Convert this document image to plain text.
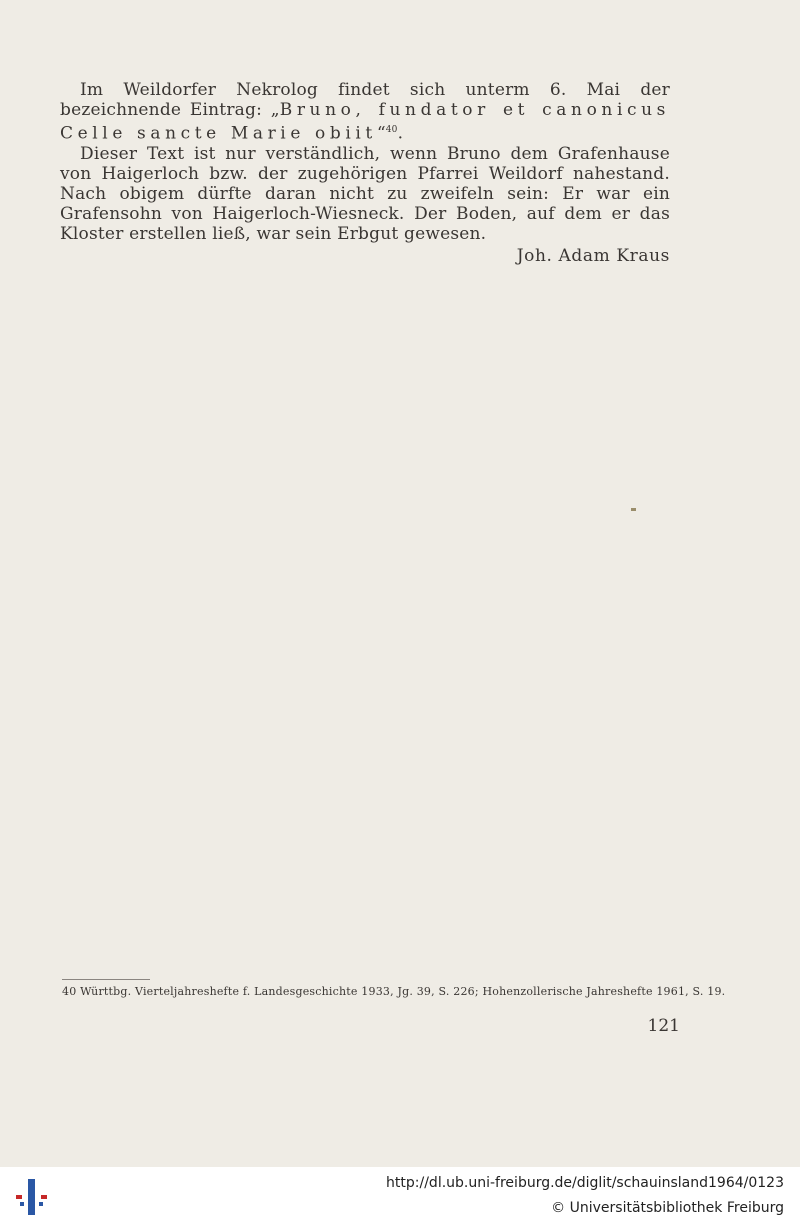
Im Weildorfer Nekrolog findet sich unterm 6. Mai der bezeichnende Eintrag: „Bruno, fundator et canonicus Celle sancte Marie obiit“$^{40}$.

Dieser Text ist nur verständlich, wenn Bruno dem Grafenhause von Haigerloch bzw. der zugehörigen Pfarrei Weildorf nahestand. Nach obigem dürfte daran nicht zu zweifeln sein: Er war ein Grafensohn von Haigerloch-Wiesneck. Der Boden, auf dem er das Kloster erstellen ließ, war sein Erbgut gewesen.

Joh. Adam Kraus
40 Württbg. Vierteljahreshefte f. Landesgeschichte 1933, Jg. 39, S. 226; Hohenzollerische Jahreshefte 1961, S. 19.
121
http://dl.ub.uni-freiburg.de/diglit/schauinsland1964/0123
© Universitätsbibliothek Freiburg
